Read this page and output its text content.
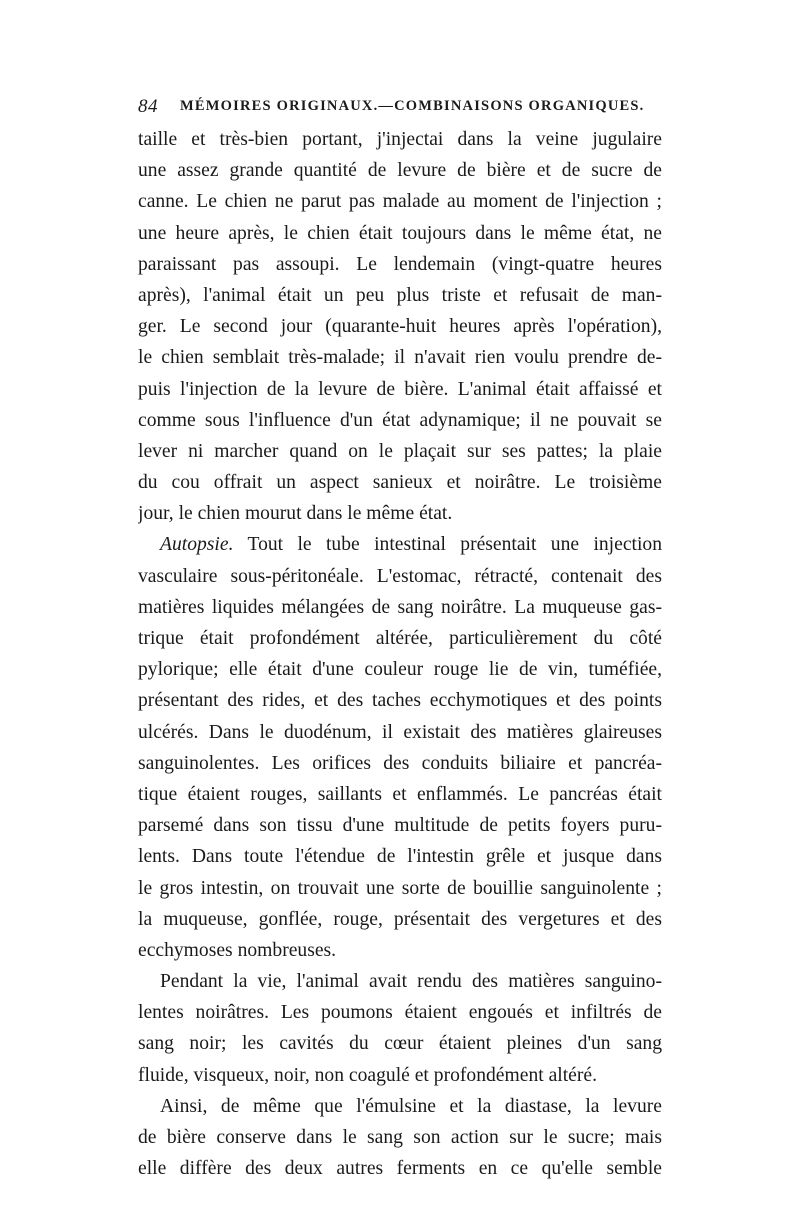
84 MÉMOIRES ORIGINAUX.—COMBINAISONS ORGANIQUES.
taille et très-bien portant, j'injectai dans la veine jugulaire
une assez grande quantité de levure de bière et de sucre de
canne. Le chien ne parut pas malade au moment de l'injection ;
une heure après, le chien était toujours dans le même état, ne
paraissant pas assoupi. Le lendemain (vingt-quatre heures
après), l'animal était un peu plus triste et refusait de man-
ger. Le second jour (quarante-huit heures après l'opération),
le chien semblait très-malade; il n'avait rien voulu prendre de-
puis l'injection de la levure de bière. L'animal était affaissé et
comme sous l'influence d'un état adynamique; il ne pouvait se
lever ni marcher quand on le plaçait sur ses pattes; la plaie
du cou offrait un aspect sanieux et noirâtre. Le troisième
jour, le chien mourut dans le même état.
Autopsie. Tout le tube intestinal présentait une injection
vasculaire sous-péritonéale. L'estomac, rétracté, contenait des
matières liquides mélangées de sang noirâtre. La muqueuse gas-
trique était profondément altérée, particulièrement du côté
pylorique; elle était d'une couleur rouge lie de vin, tuméfiée,
présentant des rides, et des taches ecchymotiques et des points
ulcérés. Dans le duodénum, il existait des matières glaireuses
sanguinolentes. Les orifices des conduits biliaire et pancréa-
tique étaient rouges, saillants et enflammés. Le pancréas était
parsemé dans son tissu d'une multitude de petits foyers puru-
lents. Dans toute l'étendue de l'intestin grêle et jusque dans
le gros intestin, on trouvait une sorte de bouillie sanguinolente ;
la muqueuse, gonflée, rouge, présentait des vergetures et des
ecchymoses nombreuses.
Pendant la vie, l'animal avait rendu des matières sanguino-
lentes noirâtres. Les poumons étaient engoués et infiltrés de
sang noir; les cavités du cœur étaient pleines d'un sang
fluide, visqueux, noir, non coagulé et profondément altéré.
Ainsi, de même que l'émulsine et la diastase, la levure
de bière conserve dans le sang son action sur le sucre; mais
elle diffère des deux autres ferments en ce qu'elle semble
